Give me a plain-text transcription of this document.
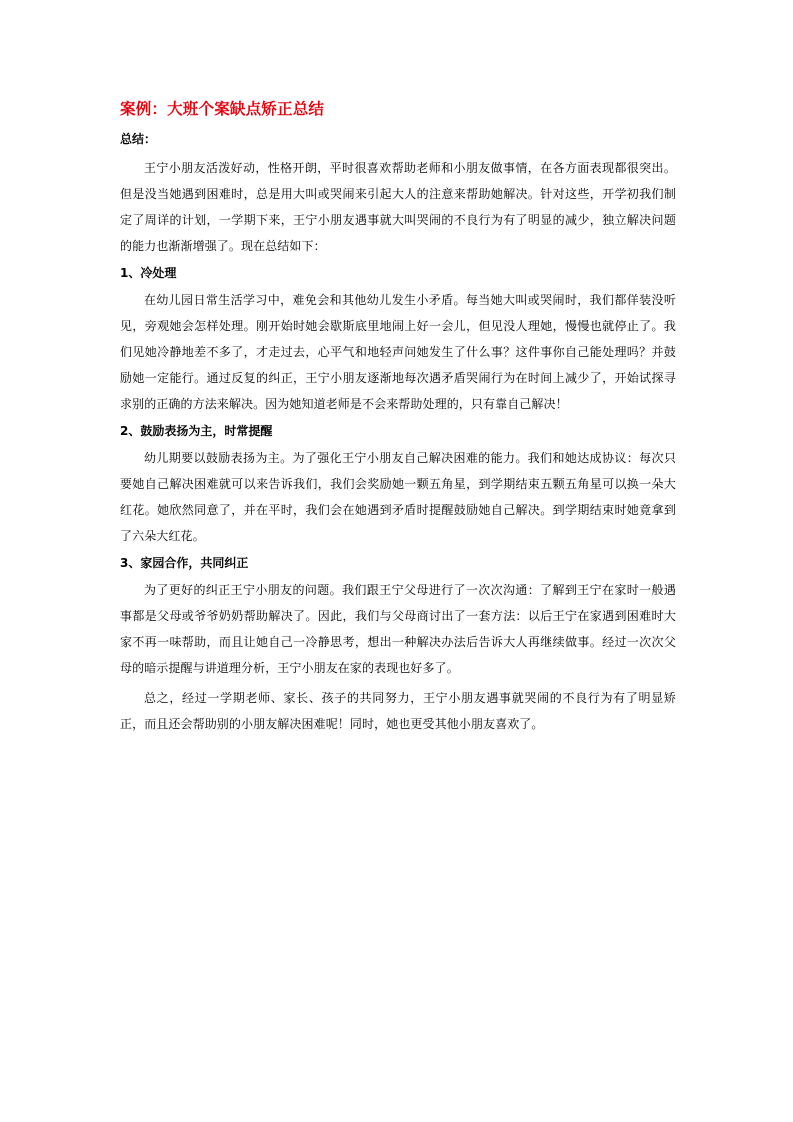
案例：大班个案缺点矫正总结
总结：

王宁小朋友活泼好动，性格开朗，平时很喜欢帮助老师和小朋友做事情，在各方面表现都很突出。但是没当她遇到困难时，总是用大叫或哭闹来引起大人的注意来帮助她解决。针对这些，开学初我们制定了周详的计划，一学期下来，王宁小朋友遇事就大叫哭闹的不良行为有了明显的减少，独立解决问题的能力也渐渐增强了。现在总结如下：

1、冷处理

在幼儿园日常生活学习中，难免会和其他幼儿发生小矛盾。每当她大叫或哭闹时，我们都佯装没听见，旁观她会怎样处理。刚开始时她会歇斯底里地闹上好一会儿，但见没人理她，慢慢也就停止了。我们见她冷静地差不多了，才走过去，心平气和地轻声问她发生了什么事？这件事你自己能处理吗？并鼓励她一定能行。通过反复的纠正，王宁小朋友逐渐地每次遇矛盾哭闹行为在时间上减少了，开始试探寻求别的正确的方法来解决。因为她知道老师是不会来帮助处理的，只有靠自己解决！

2、鼓励表扬为主，时常提醒

幼儿期要以鼓励表扬为主。为了强化王宁小朋友自己解决困难的能力。我们和她达成协议：每次只要她自己解决困难就可以来告诉我们，我们会奖励她一颗五角星，到学期结束五颗五角星可以换一朵大红花。她欣然同意了，并在平时，我们会在她遇到矛盾时提醒鼓励她自己解决。到学期结束时她竟拿到了六朵大红花。

3、家园合作，共同纠正

为了更好的纠正王宁小朋友的问题。我们跟王宁父母进行了一次次沟通：了解到王宁在家时一般遇事都是父母或爷爷奶奶帮助解决了。因此，我们与父母商讨出了一套方法：以后王宁在家遇到困难时大家不再一味帮助，而且让她自己一冷静思考，想出一种解决办法后告诉大人再继续做事。经过一次次父母的暗示提醒与讲道理分析，王宁小朋友在家的表现也好多了。

总之，经过一学期老师、家长、孩子的共同努力，王宁小朋友遇事就哭闹的不良行为有了明显矫正，而且还会帮助别的小朋友解决困难呢！同时，她也更受其他小朋友喜欢了。
